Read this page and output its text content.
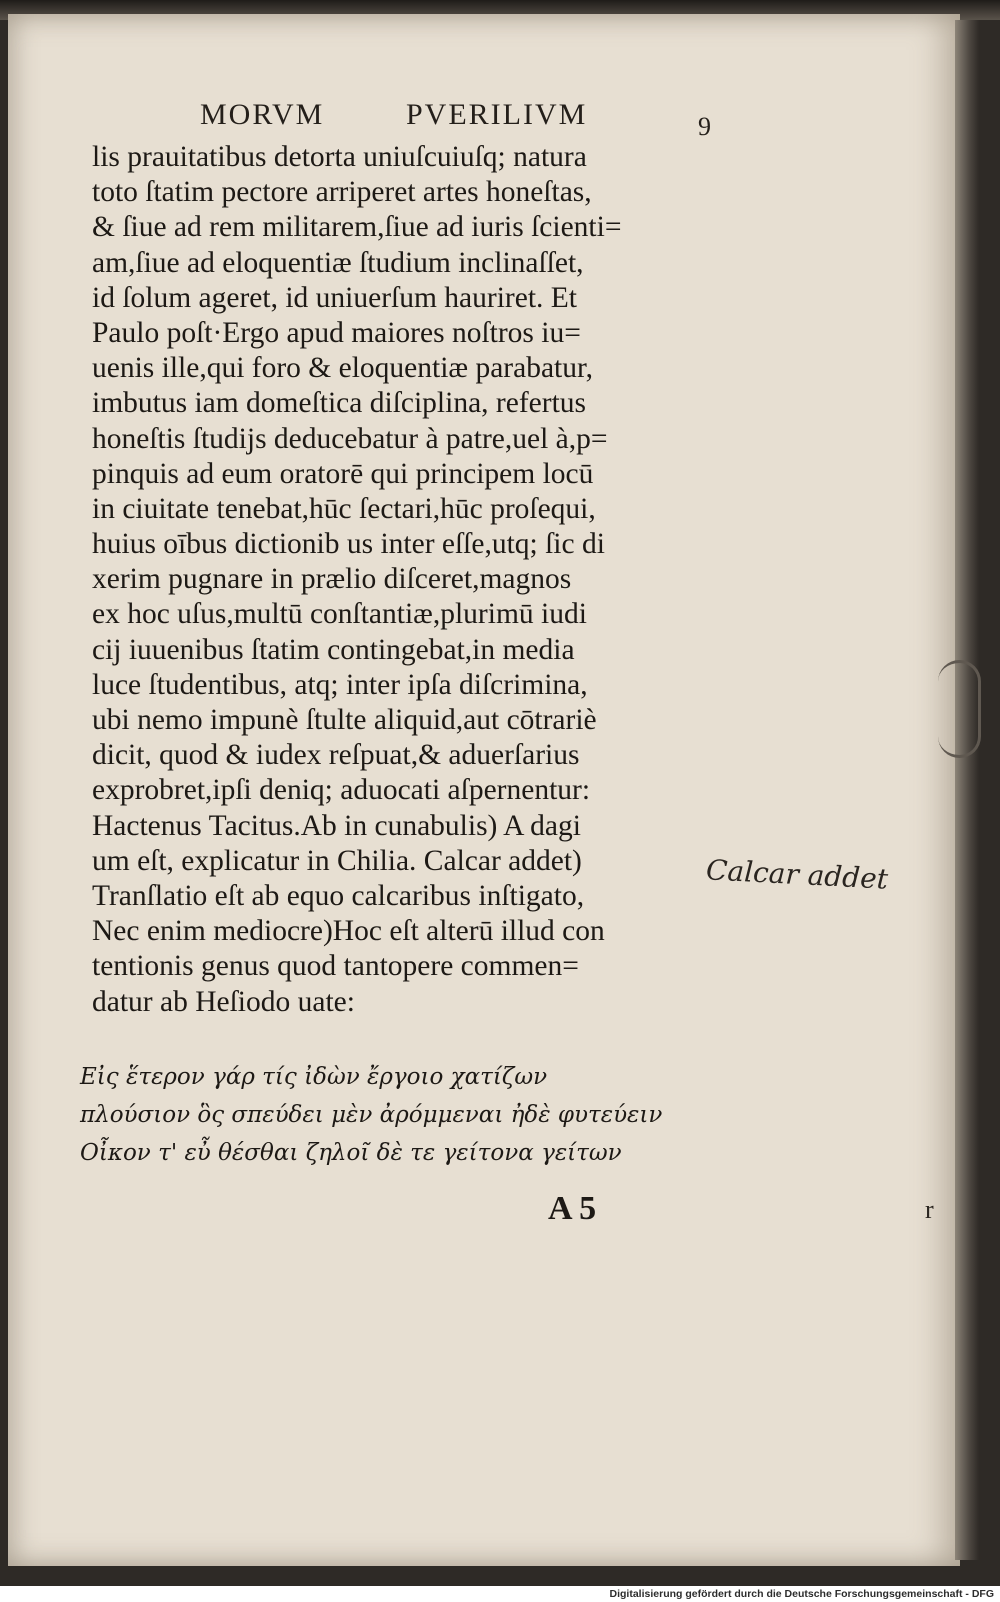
MORVM	PVERILIVM	9
lis prauitatibus detorta uniuſcuiuſq; natura
toto ſtatim pectore arriperet artes honeſtas,
& ſiue ad rem militarem,ſiue ad iuris ſcienti=
am,ſiue ad eloquentiæ ſtudium inclinaſſet,
id ſolum ageret, id uniuerſum hauriret. Et
Paulo poſt·Ergo apud maiores noſtros iu=
uenis ille,qui foro & eloquentiæ parabatur,
imbutus iam domeſtica diſciplina, refertus
honeſtis ſtudijs deducebatur à patre,uel à,p=
pinquis ad eum oratorē qui principem locū
in ciuitate tenebat,hūc ſectari,hūc proſequi,
huius oībus dictionib us inter eſſe,utq; ſic di
xerim pugnare in prælio diſceret,magnos
ex hoc uſus,multū conſtantiæ,plurimū iudi
cij iuuenibus ſtatim contingebat,in media
luce ſtudentibus, atq; inter ipſa diſcrimina,
ubi nemo impunè ſtulte aliquid,aut cōtrariè
dicit, quod & iudex reſpuat,& aduerſarius
exprobret,ipſi deniq; aduocati aſpernentur:
Hactenus Tacitus.Ab in cunabulis) A dagi
um eſt, explicatur in Chilia. Calcar addet)
Tranſlatio eſt ab equo calcaribus inſtigato,
Nec enim mediocre)Hoc eſt alterū illud con
tentionis genus quod tantopere commen=
datur ab Heſiodo uate:
Εἰς ἕτερον γάρ τίς ἰδὼν ἔργοιο χατίζων
πλούσιον ὃς σπεύδει μὲν ἀρόμμεναι ἠδὲ φυτεύειν
Οἶκον τ' εὖ θέσθαι ζηλοῖ δὲ τε γείτονα γείτων
A 5
Calcar addet
r
Digitalisierung gefördert durch die Deutsche Forschungsgemeinschaft - DFG
